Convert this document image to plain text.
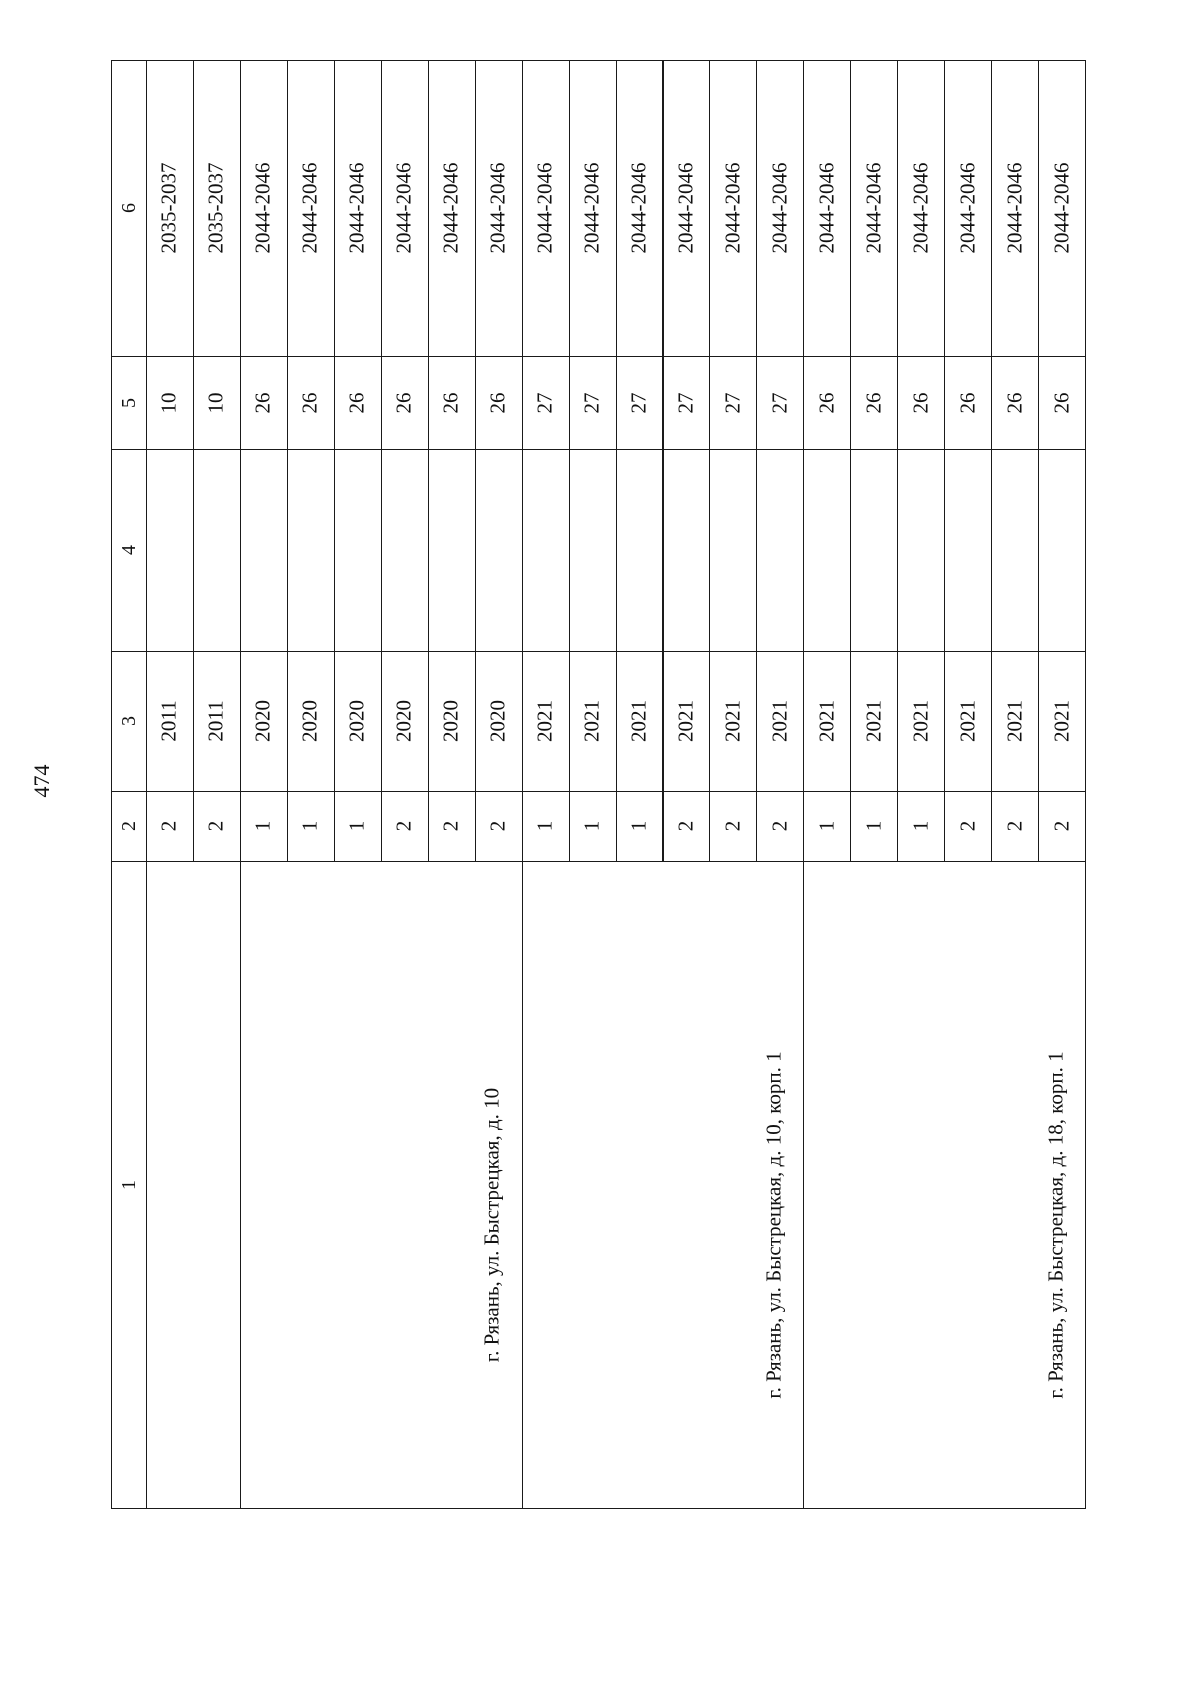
474
1
2
3
4
5
6
2
2011
10
2035-2037
2
2011
10
2035-2037
1
2020
26
2044-2046
1
2020
26
2044-2046
1
2020
26
2044-2046
2
2020
26
2044-2046
2
2020
26
2044-2046
2
2020
26
2044-2046
г. Рязань, ул. Быстрецкая, д. 10
1
2021
27
2044-2046
1
2021
27
2044-2046
1
2021
27
2044-2046
2
2021
27
2044-2046
2
2021
27
2044-2046
2
2021
27
2044-2046
г. Рязань, ул. Быстрецкая, д. 10, корп. 1
1
2021
26
2044-2046
1
2021
26
2044-2046
1
2021
26
2044-2046
2
2021
26
2044-2046
2
2021
26
2044-2046
2
2021
26
2044-2046
г. Рязань, ул. Быстрецкая, д. 18, корп. 1
